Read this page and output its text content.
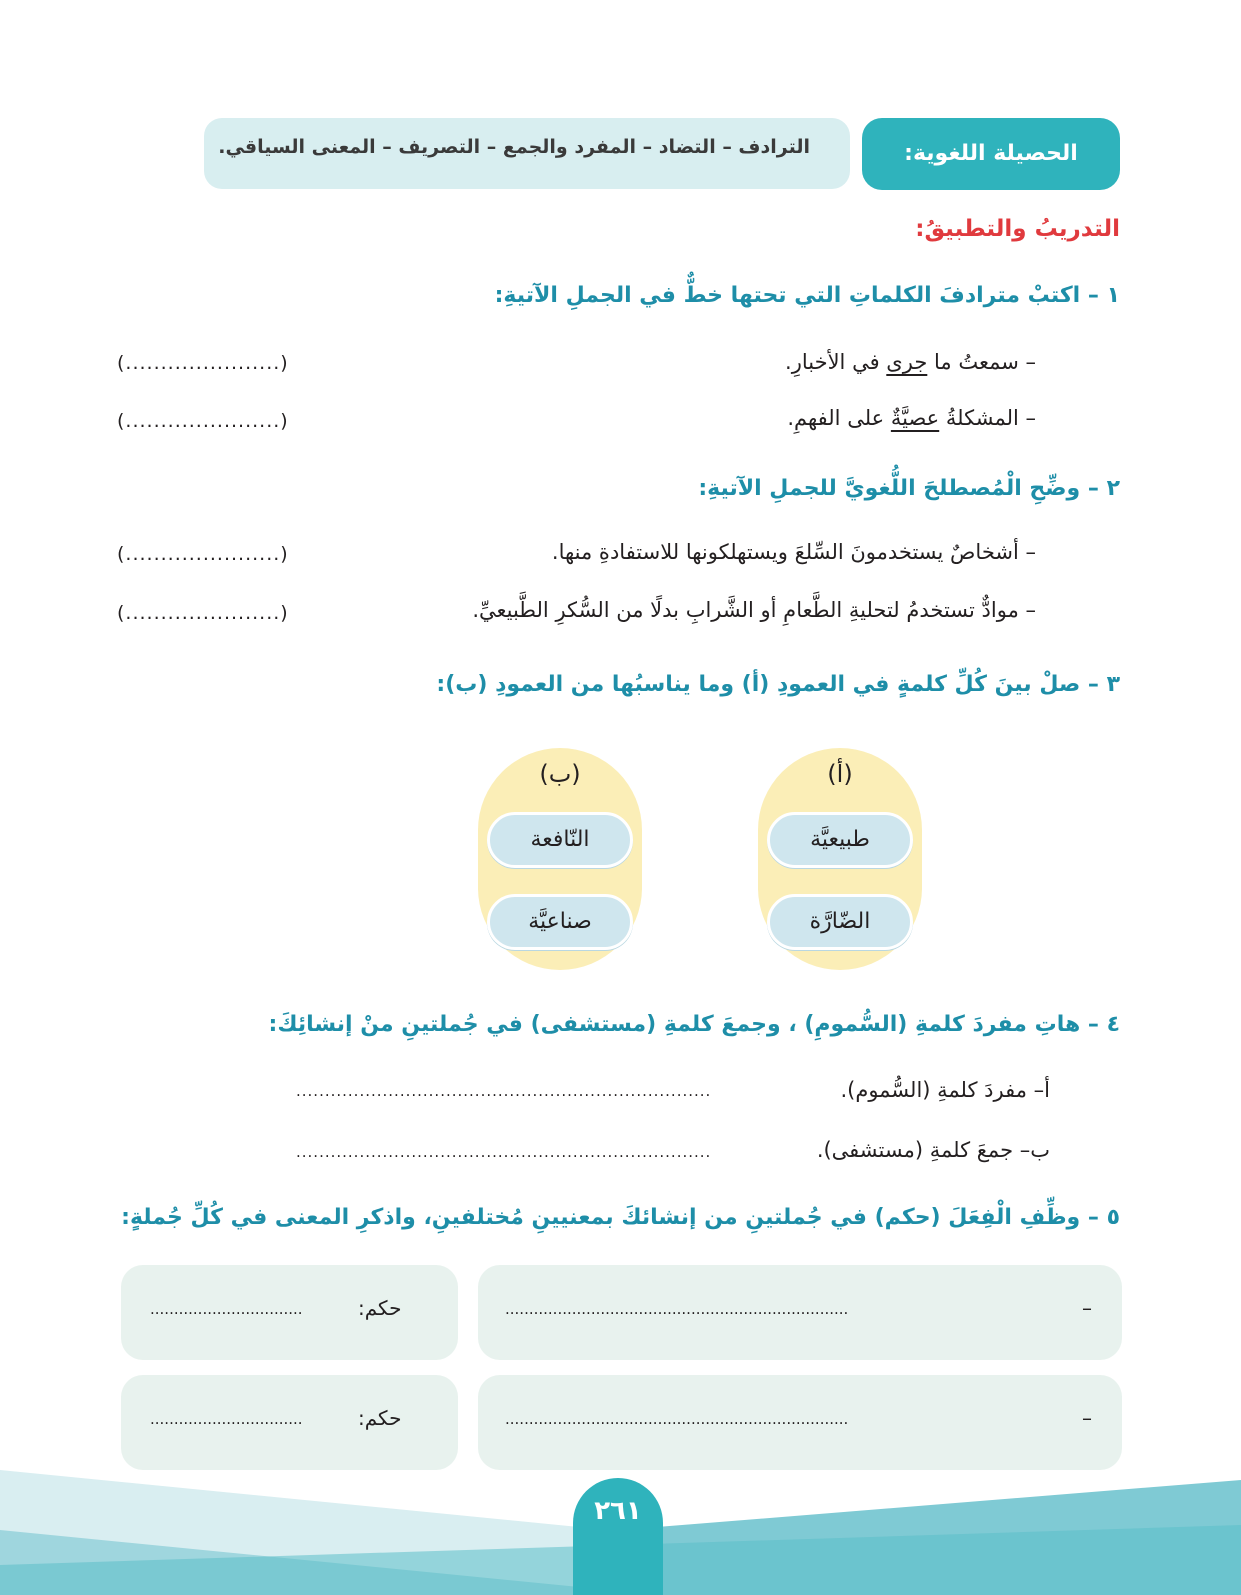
الترادف – التضاد – المفرد والجمع – التصريف – المعنى السياقي.	الحصيلة اللغوية:
التدريبُ والتطبيقُ:
١ – اكتبْ مترادفَ الكلماتِ التي تحتها خطٌّ في الجملِ الآتيةِ:
– سمعتُ ما جرى في الأخبارِ.
(......................)
– المشكلةُ عصيَّةٌ على الفهمِ.
(......................)
٢ – وضِّحِ الْمُصطلحَ اللُّغويَّ للجملِ الآتيةِ:
– أشخاصٌ يستخدمونَ السِّلعَ ويستهلكونها للاستفادةِ منها.
(......................)
– موادٌّ تستخدمُ لتحليةِ الطَّعامِ أو الشَّرابِ بدلًا من السُّكرِ الطَّبيعيِّ.
(......................)
٣ – صلْ بينَ كُلِّ كلمةٍ في العمودِ (أ) وما يناسبُها من العمودِ (ب):
(أ)
طبيعيَّة
الضّارَّة
(ب)
النّافعة
صناعيَّة
٤ – هاتِ مفردَ كلمةِ (السُّمومِ) ، وجمعَ كلمةِ (مستشفى) في جُملتينِ منْ إنشائِكَ:
أ– مفردَ كلمةِ (السُّموم).
........................................................................
ب– جمعَ كلمةِ (مستشفى).
........................................................................
٥ – وظِّفِ الْفِعَلَ (حكم) في جُملتينِ من إنشائكَ بمعنيينِ مُختلفينِ، واذكرِ المعنى في كُلِّ جُملةٍ:
........................................................................	–
................................	حكم:
........................................................................	–
................................	حكم:
٢٦١
